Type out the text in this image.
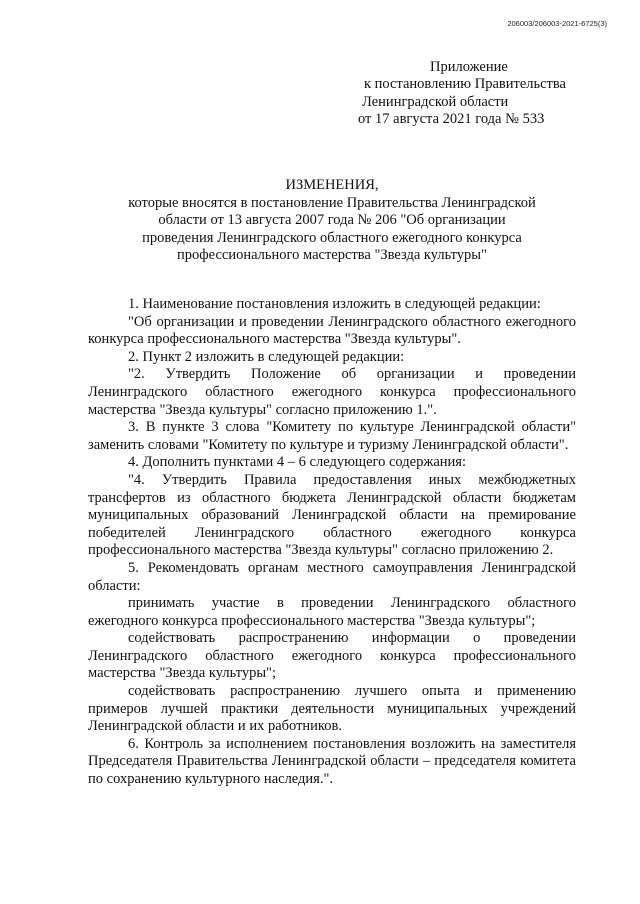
206003/206003-2021-6725(3)
Приложение
к постановлению Правительства
Ленинградской области
от 17 августа 2021 года № 533
ИЗМЕНЕНИЯ,
которые вносятся в постановление Правительства Ленинградской
области от 13 августа 2007 года № 206 "Об организации
проведения Ленинградского областного ежегодного конкурса
профессионального мастерства "Звезда культуры"

1. Наименование постановления изложить в следующей редакции:

"Об организации и проведении Ленинградского областного ежегодного конкурса профессионального мастерства "Звезда культуры".

2. Пункт 2 изложить в следующей редакции:

"2. Утвердить Положение об организации и проведении Ленинградского областного ежегодного конкурса профессионального мастерства "Звезда культуры" согласно приложению 1.".

3. В пункте 3 слова "Комитету по культуре Ленинградской области" заменить словами "Комитету по культуре и туризму Ленинградской области".

4. Дополнить пунктами 4 – 6 следующего содержания:

"4. Утвердить Правила предоставления иных межбюджетных трансфертов из областного бюджета Ленинградской области бюджетам муниципальных образований Ленинградской области на премирование победителей Ленинградского областного ежегодного конкурса профессионального мастерства "Звезда культуры" согласно приложению 2.

5. Рекомендовать органам местного самоуправления Ленинградской области:

принимать участие в проведении Ленинградского областного ежегодного конкурса профессионального мастерства "Звезда культуры";

содействовать распространению информации о проведении Ленинградского областного ежегодного конкурса профессионального мастерства "Звезда культуры";

содействовать распространению лучшего опыта и применению примеров лучшей практики деятельности муниципальных учреждений Ленинградской области и их работников.

6. Контроль за исполнением постановления возложить на заместителя Председателя Правительства Ленинградской области – председателя комитета по сохранению культурного наследия.".
